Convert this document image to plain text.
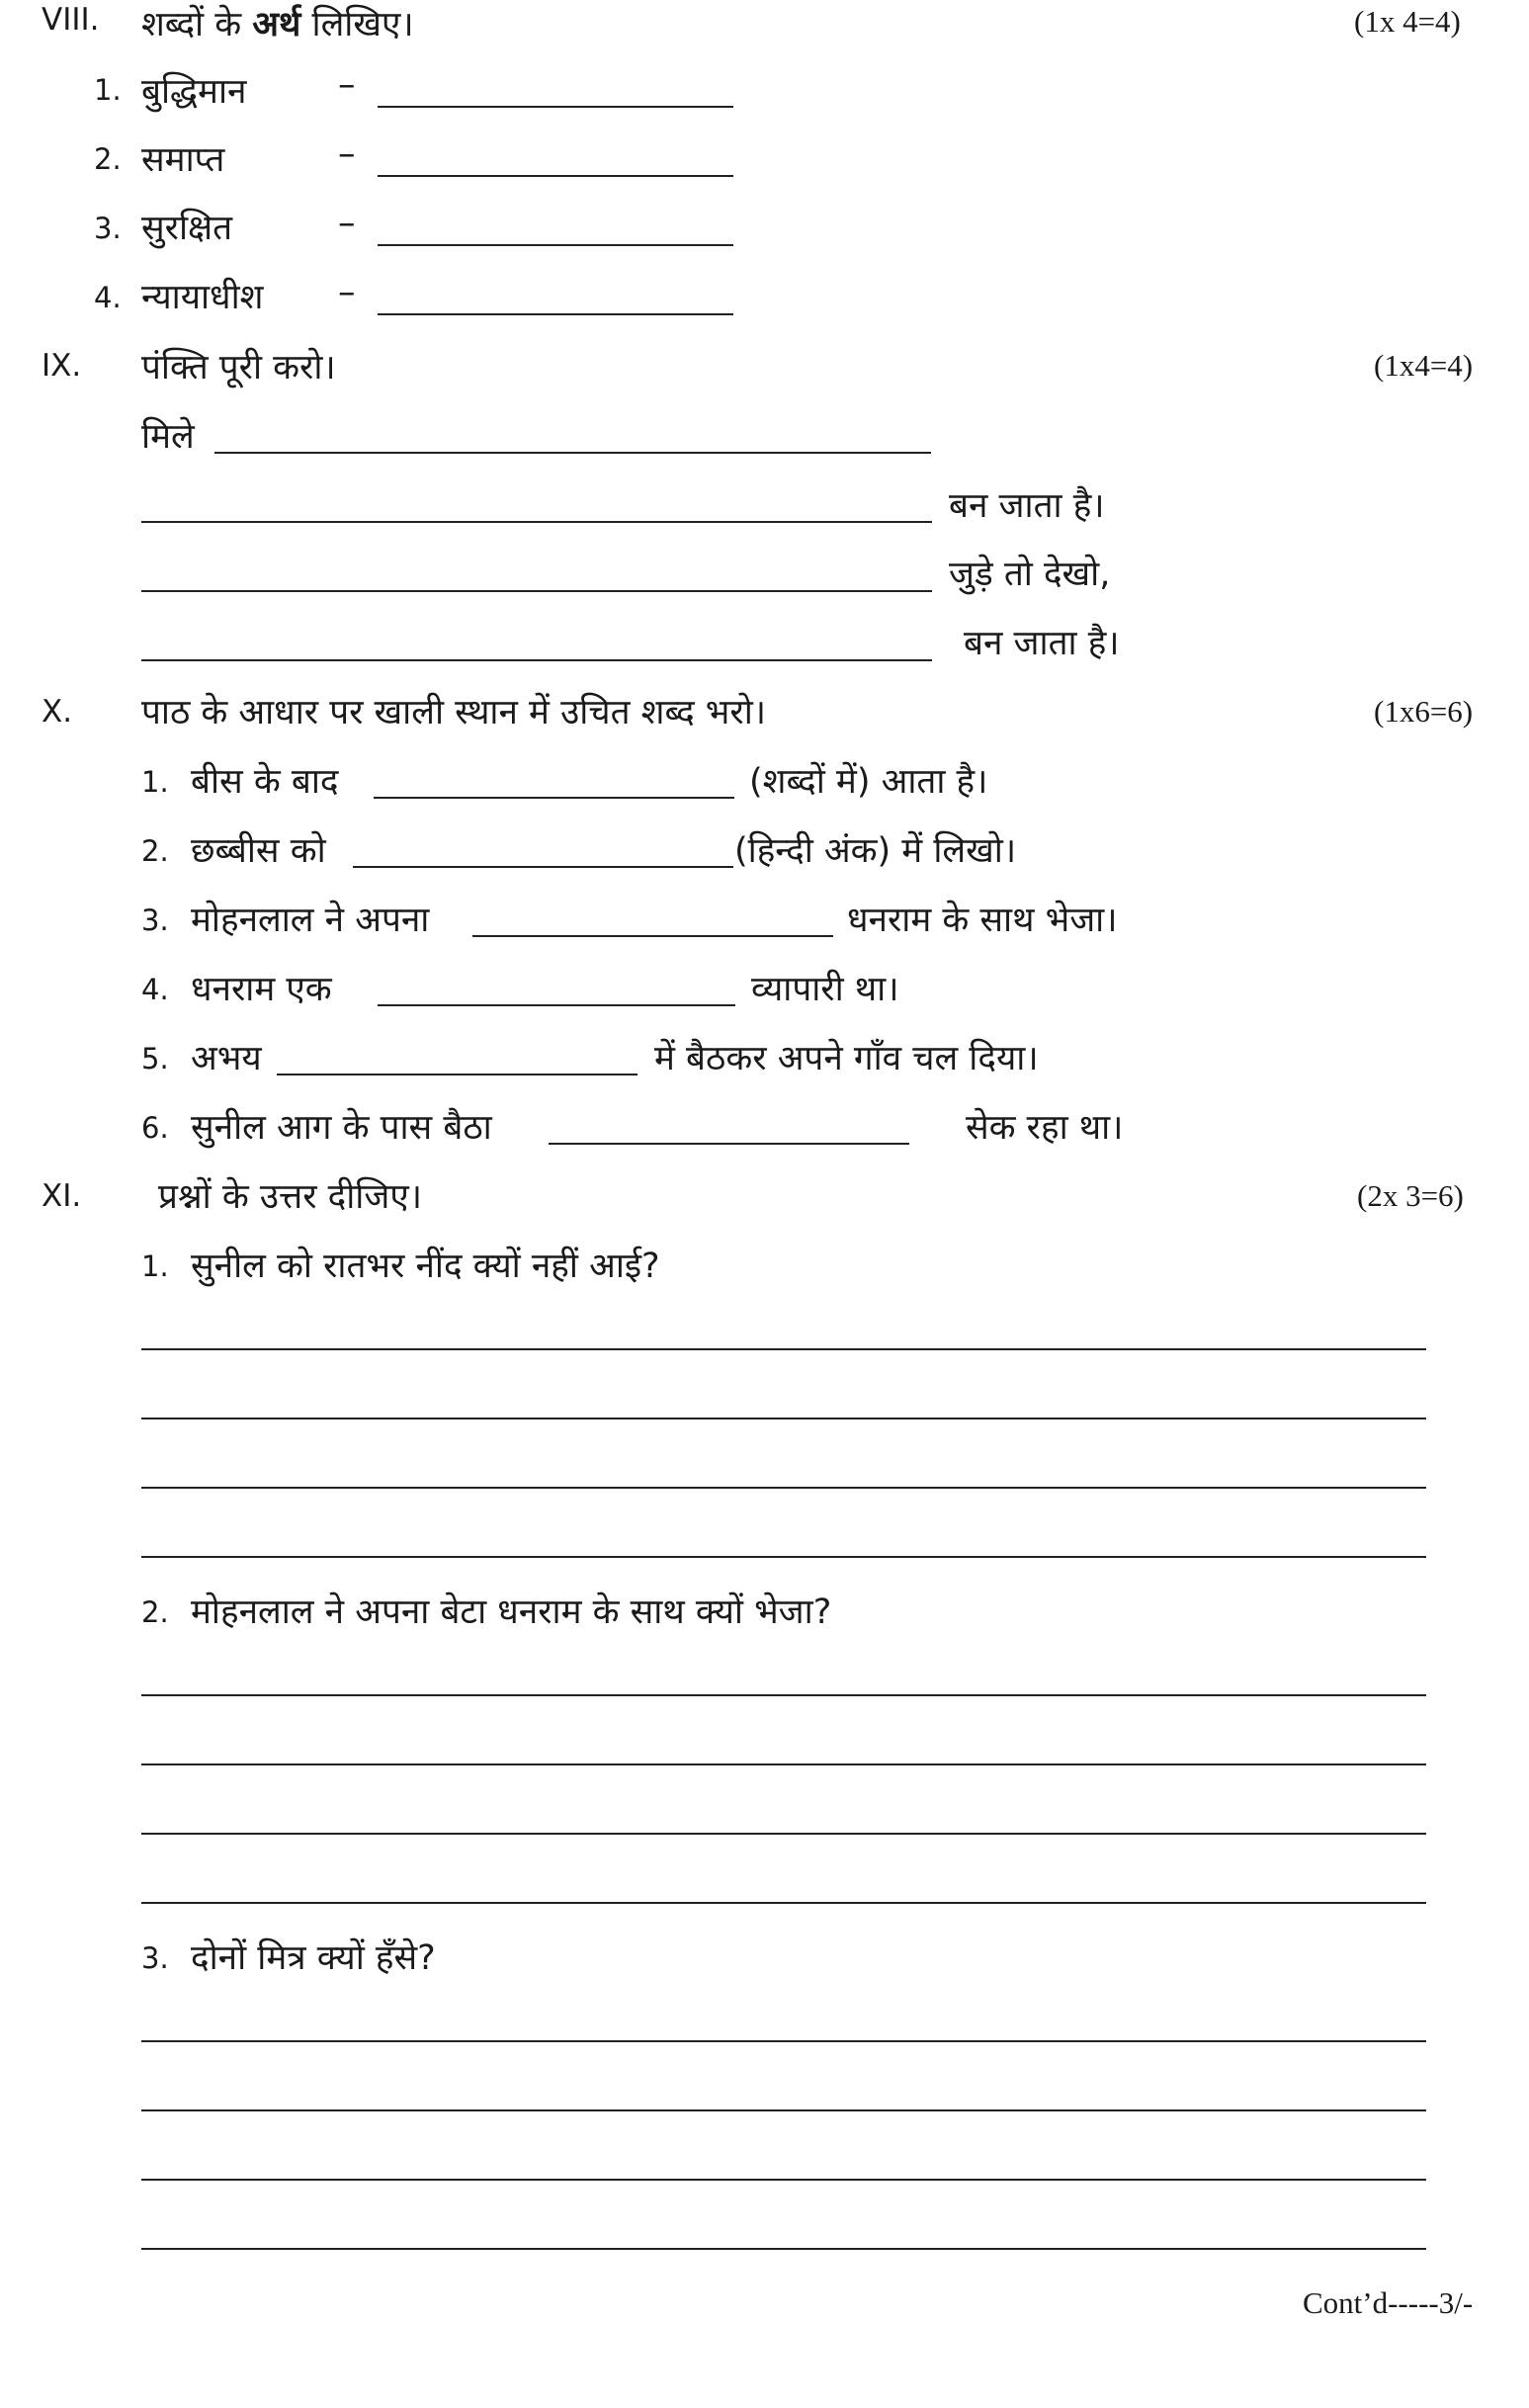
VIII. शब्दों के अर्थ लिखिए।	(1x 4=4)
1. बुद्धिमान	–
2. समाप्त	–
3. सुरक्षित	–
4. न्यायाधीश –
IX. पंक्ति पूरी करो।	(1x4=4)
मिले
बन जाता है।
जुड़े तो देखो,
बन जाता है।
X. पाठ के आधार पर खाली स्थान में उचित शब्द भरो।	(1x6=6)
1. बीस के बाद	(शब्दों में) आता है।
2. छब्बीस को	(हिन्दी अंक) में लिखो।
3. मोहनलाल ने अपना	धनराम के साथ भेजा।
4. धनराम एक	व्यापारी था।
5. अभय	में बैठकर अपने गाँव चल दिया।
6. सुनील आग के पास बैठा	सेक रहा था।
XI. प्रश्नों के उत्तर दीजिए।	(2x 3=6)
1. सुनील को रातभर नींद क्यों नहीं आई?
2. मोहनलाल ने अपना बेटा धनराम के साथ क्यों भेजा?
3. दोनों मित्र क्यों हँसे?
Cont’d-----3/-
